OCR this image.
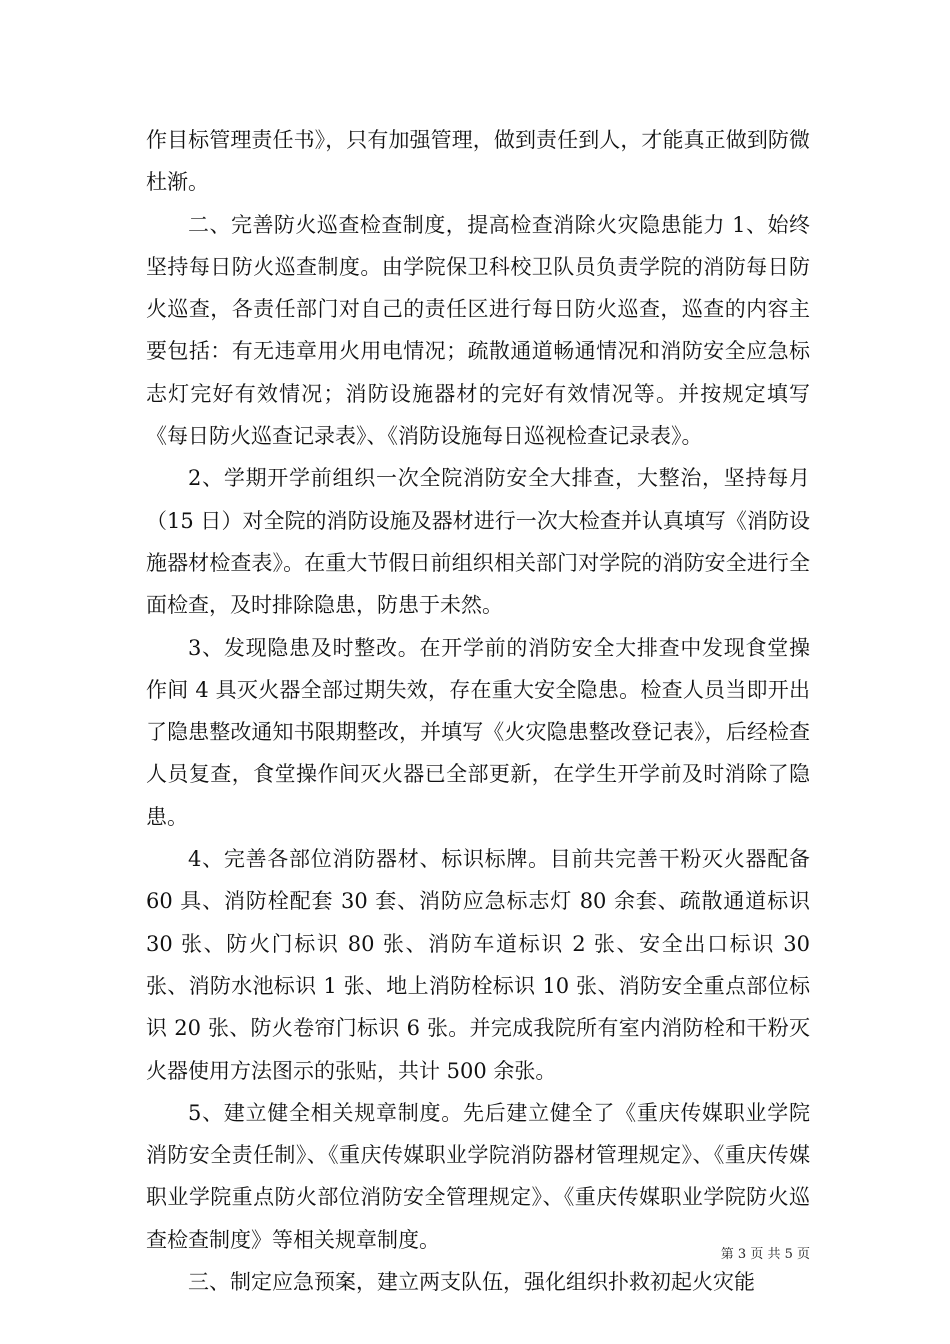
作目标管理责任书》，只有加强管理，做到责任到人，才能真正做到防微杜渐。

二、完善防火巡查检查制度，提高检查消除火灾隐患能力 1、始终坚持每日防火巡查制度。由学院保卫科校卫队员负责学院的消防每日防火巡查，各责任部门对自己的责任区进行每日防火巡查，巡查的内容主要包括：有无违章用火用电情况；疏散通道畅通情况和消防安全应急标志灯完好有效情况；消防设施器材的完好有效情况等。并按规定填写《每日防火巡查记录表》、《消防设施每日巡视检查记录表》。

2、学期开学前组织一次全院消防安全大排查，大整治，坚持每月（15 日）对全院的消防设施及器材进行一次大检查并认真填写《消防设施器材检查表》。在重大节假日前组织相关部门对学院的消防安全进行全面检查，及时排除隐患，防患于未然。

3、发现隐患及时整改。在开学前的消防安全大排查中发现食堂操作间 4 具灭火器全部过期失效，存在重大安全隐患。检查人员当即开出了隐患整改通知书限期整改，并填写《火灾隐患整改登记表》，后经检查人员复查，食堂操作间灭火器已全部更新，在学生开学前及时消除了隐患。

4、完善各部位消防器材、标识标牌。目前共完善干粉灭火器配备 60 具、消防栓配套 30 套、消防应急标志灯 80 余套、疏散通道标识 30 张、防火门标识 80 张、消防车道标识 2 张、安全出口标识 30 张、消防水池标识 1 张、地上消防栓标识 10 张、消防安全重点部位标识 20 张、防火卷帘门标识 6 张。并完成我院所有室内消防栓和干粉灭火器使用方法图示的张贴，共计 500 余张。

5、建立健全相关规章制度。先后建立健全了《重庆传媒职业学院消防安全责任制》、《重庆传媒职业学院消防器材管理规定》、《重庆传媒职业学院重点防火部位消防安全管理规定》、《重庆传媒职业学院防火巡查检查制度》等相关规章制度。

三、制定应急预案，建立两支队伍，强化组织扑救初起火灾能

第 3 页 共 5 页
